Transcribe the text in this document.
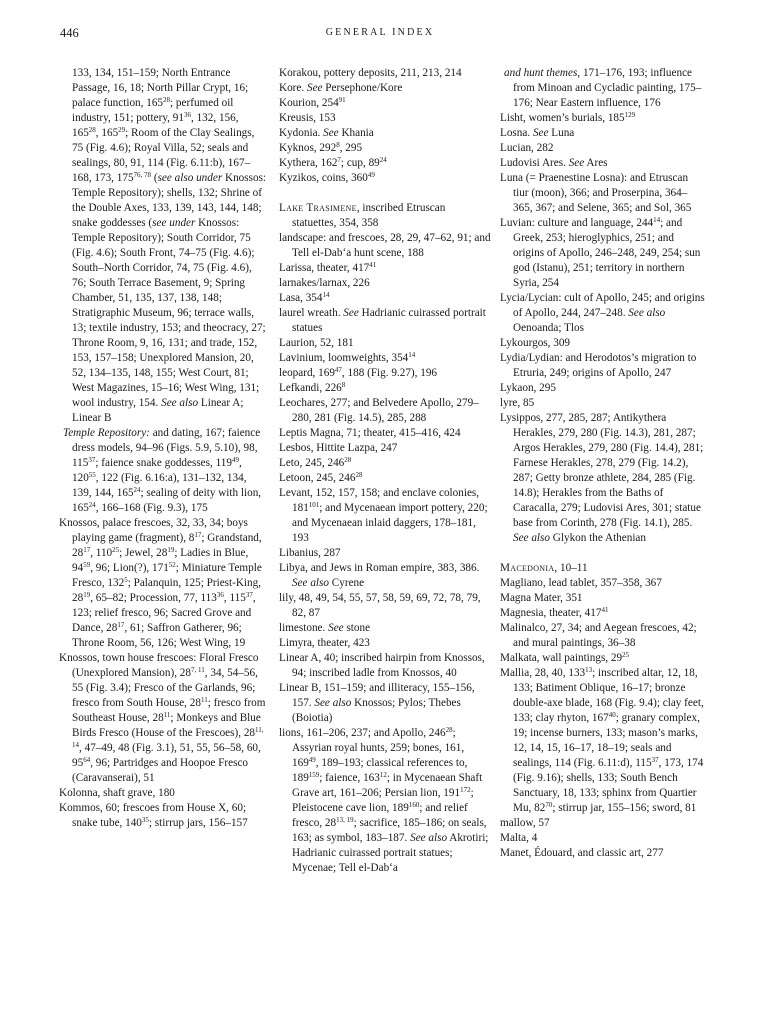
446	GENERAL INDEX

133, 134, 151–159; North Entrance Passage, 16, 18; North Pillar Crypt, 16; palace function, $165^{28}$; perfumed oil industry, 151; pottery, $91^{36}$, 132, 156, $165^{28}$, $165^{29}$; Room of the Clay Sealings, 75 (Fig. 4.6); Royal Villa, 52; seals and sealings, 80, 91, 114 (Fig. 6.11:b), 167–168, 173, 175$^{76, 78}$ (see also under Knossos: Temple Repository); shells, 132; Shrine of the Double Axes, 133, 139, 143, 144, 148; snake goddesses (see under Knossos: Temple Repository); South Corridor, 75 (Fig. 4.6); South Front, 74–75 (Fig. 4.6); South–North Corridor, 74, 75 (Fig. 4.6), 76; South Terrace Basement, 9; Spring Chamber, 51, 135, 137, 138, 148; Stratigraphic Museum, 96; terrace walls, 13; textile industry, 153; and theocracy, 27; Throne Room, 9, 16, 131; and trade, 152, 153, 157–158; Unexplored Mansion, 20, 52, 134–135, 148, 155; West Court, 81; West Magazines, 15–16; West Wing, 131; wool industry, 154. See also Linear A; Linear B

Temple Repository: and dating, 167; faience dress models, 94–96 (Figs. 5.9, 5.10), 98, $115^{37}$; faience snake goddesses, $119^{49}$, $120^{55}$, 122 (Fig. 6.16:a), 131–132, 134, 139, 144, $165^{24}$; sealing of deity with lion, $165^{24}$, 166–168 (Fig. 9.3), 175

Knossos, palace frescoes, 32, 33, 34; boys playing game (fragment), $8^{17}$; Grandstand, $28^{17}$, $110^{25}$; Jewel, $28^{19}$; Ladies in Blue, $94^{59}$, 96; Lion(?), $171^{52}$; Miniature Temple Fresco, $132^5$; Palanquin, 125; Priest-King, $28^{19}$, 65–82; Procession, 77, $113^{36}$, $115^{37}$, 123; relief fresco, 96; Sacred Grove and Dance, $28^{17}$, 61; Saffron Gatherer, 96; Throne Room, 56, 126; West Wing, 19

Knossos, town house frescoes: Floral Fresco (Unexplored Mansion), 28$^{7, 11}$, 34, 54–56, 55 (Fig. 3.4); Fresco of the Garlands, 96; fresco from South House, $28^{11}$; fresco from Southeast House, $28^{11}$; Monkeys and Blue Birds Fresco (House of the Frescoes), 28$^{11, 14}$, 47–49, 48 (Fig. 3.1), 51, 55, 56–58, 60, $95^{64}$, 96; Partridges and Hoopoe Fresco (Caravanserai), 51

Kolonna, shaft grave, 180

Kommos, 60; frescoes from House X, 60; snake tube, $140^{35}$; stirrup jars, 156–157

Korakou, pottery deposits, 211, 213, 214

Kore. See Persephone/Kore

Kourion, $254^{91}$

Kreusis, 153

Kydonia. See Khania

Kyknos, $292^8$, 295

Kythera, $162^7$; cup, $89^{24}$

Kyzikos, coins, $360^{49}$

Lake Trasimene, inscribed Etruscan statuettes, 354, 358

landscape: and frescoes, 28, 29, 47–62, 91; and Tell el-Dab‘a hunt scene, 188

Larissa, theater, $417^{41}$

larnakes/larnax, 226

Lasa, $354^{14}$

laurel wreath. See Hadrianic cuirassed portrait statues

Laurion, 52, 181

Lavinium, loomweights, $354^{14}$

leopard, $169^{47}$, 188 (Fig. 9.27), 196

Lefkandi, $226^8$

Leochares, 277; and Belvedere Apollo, 279–280, 281 (Fig. 14.5), 285, 288

Leptis Magna, 71; theater, 415–416, 424

Lesbos, Hittite Lazpa, 247

Leto, 245, $246^{28}$

Letoon, 245, $246^{28}$

Levant, 152, 157, 158; and enclave colonies, $181^{101}$; and Mycenaean import pottery, 220; and Mycenaean inlaid daggers, 178–181, 193

Libanius, 287

Libya, and Jews in Roman empire, 383, 386. See also Cyrene

lily, 48, 49, 54, 55, 57, 58, 59, 69, 72, 78, 79, 82, 87

limestone. See stone

Limyra, theater, 423

Linear A, 40; inscribed hairpin from Knossos, 94; inscribed ladle from Knossos, 40

Linear B, 151–159; and illiteracy, 155–156, 157. See also Knossos; Pylos; Thebes (Boiotia)

lions, 161–206, 237; and Apollo, $246^{28}$; Assyrian royal hunts, 259; bones, 161, $169^{49}$, 189–193; classical references to, $189^{159}$; faience, $163^{12}$; in Mycenaean Shaft Grave art, 161–206; Persian lion, $191^{172}$; Pleistocene cave lion, $189^{160}$; and relief fresco, 28$^{13, 19}$; sacrifice, 185–186; on seals, 163; as symbol, 183–187. See also Akrotiri; Hadrianic cuirassed portrait statues; Mycenae; Tell el-Dab‘a

and hunt themes, 171–176, 193; influence from Minoan and Cycladic painting, 175–176; Near Eastern influence, 176

Lisht, women’s burials, $185^{129}$

Losna. See Luna

Lucian, 282

Ludovisi Ares. See Ares

Luna (= Praenestine Losna): and Etruscan tiur (moon), 366; and Proserpina, 364–365, 367; and Selene, 365; and Sol, 365

Luvian: culture and language, $244^{14}$; and Greek, 253; hieroglyphics, 251; and origins of Apollo, 246–248, 249, 254; sun god (Istanu), 251; territory in northern Syria, 254

Lycia/Lycian: cult of Apollo, 245; and origins of Apollo, 244, 247–248. See also Oenoanda; Tlos

Lykourgos, 309

Lydia/Lydian: and Herodotos’s migration to Etruria, 249; origins of Apollo, 247

Lykaon, 295

lyre, 85

Lysippos, 277, 285, 287; Antikythera Herakles, 279, 280 (Fig. 14.3), 281, 287; Argos Herakles, 279, 280 (Fig. 14.4), 281; Farnese Herakles, 278, 279 (Fig. 14.2), 287; Getty bronze athlete, 284, 285 (Fig. 14.8); Herakles from the Baths of Caracalla, 279; Ludovisi Ares, 301; statue base from Corinth, 278 (Fig. 14.1), 285. See also Glykon the Athenian

Macedonia, 10–11

Magliano, lead tablet, 357–358, 367

Magna Mater, 351

Magnesia, theater, $417^{41}$

Malinalco, 27, 34; and Aegean frescoes, 42; and mural paintings, 36–38

Malkata, wall paintings, $29^{25}$

Mallia, 28, 40, $133^{13}$; inscribed altar, 12, 18, 133; Batiment Oblique, 16–17; bronze double-axe blade, 168 (Fig. 9.4); clay feet, 133; clay rhyton, $167^{40}$; granary complex, 19; incense burners, 133; mason’s marks, 12, 14, 15, 16–17, 18–19; seals and sealings, 114 (Fig. 6.11:d), $115^{37}$, 173, 174 (Fig. 9.16); shells, 133; South Bench Sanctuary, 18, 133; sphinx from Quartier Mu, $82^{70}$; stirrup jar, 155–156; sword, 81

mallow, 57

Malta, 4

Manet, Édouard, and classic art, 277
